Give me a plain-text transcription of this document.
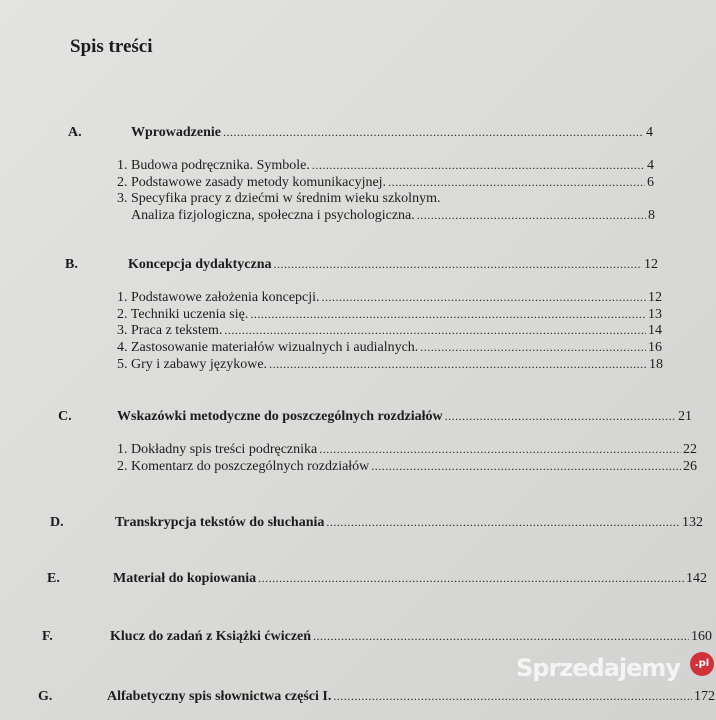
Spis treści
A.	Wprowadzenie .....	4
1. Budowa podręcznika. Symbole. .....	4
2. Podstawowe zasady metody komunikacyjnej. .....	6
3. Specyfika pracy z dziećmi w średnim wieku szkolnym.
Analiza fizjologiczna, społeczna i psychologiczna. .....	8
B.	Koncepcja dydaktyczna .....	12
1. Podstawowe założenia koncepcji. .....	12
2. Techniki uczenia się. .....	13
3. Praca z tekstem. .....	14
4. Zastosowanie materiałów wizualnych i audialnych. .....	16
5. Gry i zabawy językowe. .....	18
C.	Wskazówki metodyczne do poszczególnych rozdziałów .....	21
1. Dokładny spis treści podręcznika .....	22
2. Komentarz do poszczególnych rozdziałów .....	26
D.	Transkrypcja tekstów do słuchania .....	132
E.	Materiał do kopiowania .....	142
F.	Klucz do zadań z Książki ćwiczeń .....	160
G.	Alfabetyczny spis słownictwa części I. .....	172
Sprzedajemy	.pl
